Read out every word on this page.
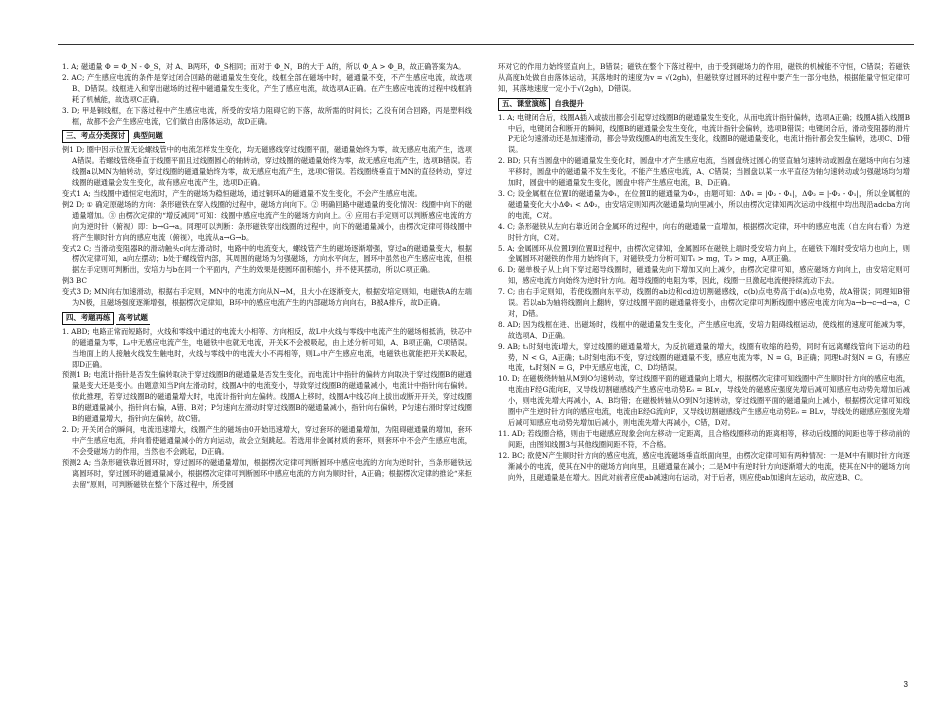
1. A; 磁通量 Φ = Φ_N - Φ_S，对 A、B两环，Φ_S相同；而对于 Φ_N，B的大于 A的，所以 Φ_A > Φ_B，故正确答案为A。

2. AC; 产生感应电流的条件是穿过闭合回路的磁通量发生变化，线框全部在磁场中时，磁通量不变，不产生感应电流，故选项B、D错误。线框进入和穿出磁场的过程中磁通量发生变化，产生了感应电流，故选项A正确。在产生感应电流的过程中线框消耗了机械能，故选项C正确。

3. D; 甲是铜线框，在下落过程中产生感应电流，所受的安培力阻碍它的下落，故所需的时间长；乙没有闭合回路，丙是塑料线框，故都不会产生感应电流，它们做自由落体运动，故D正确。

三、考点分类探讨 典型问题

例1 D; 圈中因示位置无论螺线管中的电流怎样发生变化，均无磁感线穿过线圈平面，磁通量始终为零，故无感应电流产生，选项A错误。若螺线管绕垂直于线圈平面且过线圈圆心的轴转动，穿过线圈的磁通量始终为零，故无感应电流产生，选项B错误。若线圈a以MN为轴转动，穿过线圈的磁通量始终为零，故无感应电流产生，选项C错误。若线圈绕垂直于MN的直径转动，穿过线圈的磁通量会发生变化，故有感应电流产生，选项D正确。

变式1 A; 当线圈中通恒定电流时，产生的磁场为稳恒磁场，通过铜环A的磁通量不发生变化，不会产生感应电流。

例2 D; ① 确定原磁场的方向：条形磁铁在穿入线圈的过程中，磁场方向向下。② 明确回路中磁通量的变化情况：线圈中向下的磁通量增加。③ 由楞次定律的“增反减同”可知：线圈中感应电流产生的磁场方向向上。④ 应用右手定则可以判断感应电流的方向为逆时针（俯视）即：b→G→a。同理可以判断：条形磁铁穿出线圈的过程中，向下的磁通量减小，由楞次定律可得线圈中将产生顺时针方向的感应电流（俯视），电流从a→G→b。

变式2 C; 当滑动变阻器R的滑动触头c向左滑动时，电路中的电流变大，螺线管产生的磁场逐渐增强，穿过a的磁通量变大，根据楞次定律可知，a向左摆动；b处于螺线管内部，其周围的磁场为匀强磁场，方向水平向左，圆环中虽然也产生感应电流，但根据左手定则可判断出，安培力与b在同一个平面内，产生的效果是使圆环面积缩小，并不使其摆动，所以C项正确。

例3 BC

变式3 D; MN向右加速滑动，根据右手定则，MN中的电流方向从N→M，且大小在逐渐变大，根据安培定则知，电磁铁A的左端为N极，且磁场强度逐渐增强，根据楞次定律知，B环中的感应电流产生的内部磁场方向向右，B被A排斥，故D正确。

四、考题再练 高考试题

1. ABD; 电路正常而短路时，火线和零线中通过的电流大小相等、方向相反，故L中火线与零线中电流产生的磁场相抵消，铁芯中的磁通量为零，L₂中无感应电流产生，电磁铁中也就无电流，开关K不会被吸起，由上述分析可知，A、B项正确，C项错误。当地面上的人接触火线发生触电时，火线与零线中的电流大小不再相等，则L₂中产生感应电流，电磁铁也就能把开关K吸起，即D正确。

预测1 B; 电流计指针是否发生偏转取决于穿过线圈B的磁通量是否发生变化，而电流计中指针的偏转方向取决于穿过线圈B的磁通量是变大还是变小。由题意知当P向左滑动时，线圈A中的电流变小，导致穿过线圈B的磁通量减小，电流计中指针向右偏转。依此推理，若穿过线圈B的磁通量增大时，电流计指针向左偏转。线圈A上移时，线圈A中线芯向上拔出或断开开关，穿过线圈B的磁通量减小，指针向右偏，A错、B对；P匀速向左滑动时穿过线圈B的磁通量减小，指针向右偏转，P匀速右滑时穿过线圈B的磁通量增大，指针向左偏转，故C错。

2. D; 开关闭合的瞬间，电流迅速增大，线圈产生的磁场由0开始迅速增大，穿过套环的磁通量增加，为阻碍磁通量的增加，套环中产生感应电流，并向着使磁通量减小的方向运动，故会立刻跳起。若选用非金属材质的套环，则套环中不会产生感应电流，不会受磁场力的作用，当然也不会跳起，D正确。

预测2 A; 当条形磁铁靠近圆环时，穿过圆环的磁通量增加，根据楞次定律可判断圆环中感应电流的方向为逆时针，当条形磁铁远离圆环时，穿过圆环的磁通量减小，根据楞次定律可判断圆环中感应电流的方向为顺时针，A正确；根据楞次定律的推论“来拒去留”原则，可判断磁铁在整个下落过程中，所受圆

环对它的作用力始终竖直向上，B错误；磁铁在整个下落过程中，由于受到磁场力的作用，磁铁的机械能不守恒，C错误；若磁铁从高度h处做自由落体运动，其落地时的速度为v = √(2gh)，但磁铁穿过圆环的过程中要产生一部分电热，根据能量守恒定律可知，其落地速度一定小于√(2gh)，D错误。

五、课堂演练 自我提升

1. A; 电键闭合后，线圈A插入或拔出都会引起穿过线圈B的磁通量发生变化，从而电流计指针偏转，选项A正确；线圈A插入线圈B中后，电键闭合和断开的瞬间，线圈B的磁通量会发生变化，电流计指针会偏转，选项B错误；电键闭合后，滑动变阻器的滑片P无论匀速滑动还是加速滑动，都会导致线圈A的电流发生变化，线圈B的磁通量变化，电流计指针都会发生偏转，选项C、D错误。

2. BD; 只有当圆盘中的磁通量发生变化时，圆盘中才产生感应电流，当圆盘绕过圆心的竖直轴匀速转动或圆盘在磁场中向右匀速平移时，圆盘中的磁通量不发生变化，不能产生感应电流，A、C错误；当圆盘以某一水平直径为轴匀速转动或匀强磁场均匀增加时，圆盘中的磁通量发生变化，圆盘中将产生感应电流，B、D正确。

3. C; 设金属框在位置Ⅰ的磁通量为Φ₁，在位置Ⅱ的磁通量为Φ₂，由题可知：ΔΦ₁ = |Φ₂ - Φ₁|，ΔΦ₂ = |-Φ₂ - Φ₁|，所以金属框的磁通量变化大小ΔΦ₁ < ΔΦ₂，由安培定则知两次磁通量均向里减小，所以由楞次定律知两次运动中线框中均出现沿adcba方向的电流，C对。

4. C; 条形磁铁从左向右靠近闭合金属环的过程中，向右的磁通量一直增加，根据楞次定律，环中的感应电流（自左向右看）为逆时针方向，C对。

5. A; 金属圆环从位置Ⅰ到位置Ⅱ过程中，由楞次定律知，金属圆环在磁铁上端时受安培力向上，在磁铁下端时受安培力也向上，则金属圆环对磁铁的作用力始终向下，对磁铁受力分析可知T₁ > mg，T₂ > mg，A项正确。

6. D; 磁单极子从上向下穿过超导线圈时，磁通量先向下增加又向上减少，由楞次定律可知，感应磁场方向向上，由安培定则可知，感应电流方向始终为逆时针方向。超导线圈的电阻为零，因此，线圈一旦激起电流便持续流动下去。

7. C; 由右手定则知，若使线圈向东平动，线圈的ab边和cd边切割磁感线，c(b)点电势高于d(a)点电势，故A错误；同理知B错误。若以ab为轴将线圈向上翻转，穿过线圈平面的磁通量将变小，由楞次定律可判断线圈中感应电流方向为a→b→c→d→a，C对，D错。

8. AD; 因为线框在进、出磁场时，线框中的磁通量发生变化，产生感应电流，安培力阻碍线框运动，使线框的速度可能减为零，故选项A、D正确。

9. AB; t₁时刻电流i增大，穿过线圈的磁通量增大，为反抗磁通量的增大，线圈有收缩的趋势，同时有远离螺线管向下运动的趋势，N < G，A正确；t₂时刻电流i不变，穿过线圈的磁通量不变，感应电流为零，N = G，B正确；同理t₃时刻N = G，有感应电流，t₄时刻N = G，P中无感应电流，C、D均错误。

10. D; 在磁极绕转轴从M到O匀速转动，穿过线圈平面的磁通量向上增大，根据楞次定律可知线圈中产生顺时针方向的感应电流，电流由F经G流向E，又导线切割磁感线产生感应电动势E₀ = BLv，导线处的磁感应强度先增后减可知感应电动势先增加后减小，则电流先增大再减小，A、B均错；在磁极转轴从O到N匀速转动，穿过线圈平面的磁通量向上减小，根据楞次定律可知线圈中产生逆时针方向的感应电流，电流由E经G流向F，又导线切割磁感线产生感应电动势E₀ = BLv，导线处的磁感应强度先增后减可知感应电动势先增加后减小，则电流先增大再减小，C错，D对。

11. AD; 若线圈合格，则由于电磁感应现象会向左移动一定距离，且合格线圈移动的距离相等，移动后线圈的间距也等于移动前的间距，由图知线圈3与其他线圈间距不符，不合格。

12. BC; 欲使N产生顺时针方向的感应电流，感应电流磁场垂直纸面向里，由楞次定律可知有两种情况：一是M中有顺时针方向逐渐减小的电流，使其在N中的磁场方向向里，且磁通量在减小；二是M中有逆时针方向逐渐增大的电流，使其在N中的磁场方向向外，且磁通量是在增大。因此对前者应使ab减速向右运动，对于后者，则应使ab加速向左运动，故应选B、C。

3
